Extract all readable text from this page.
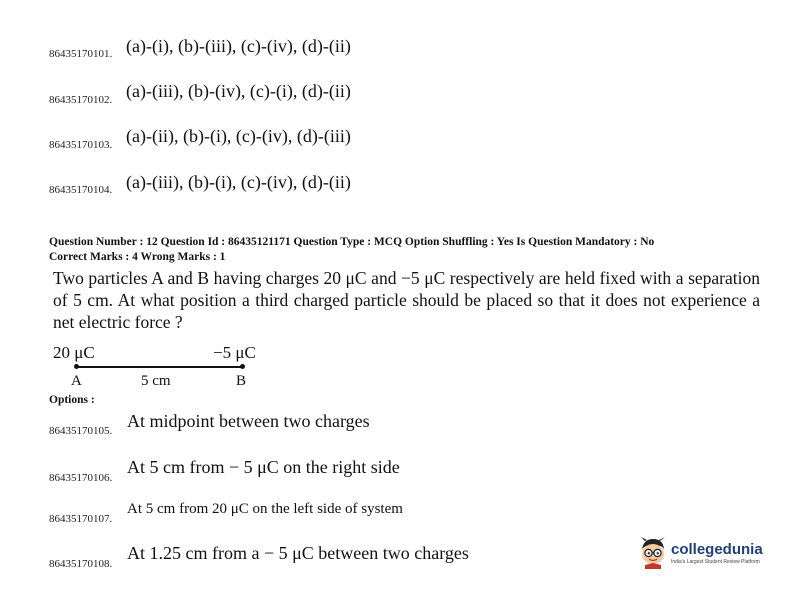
(a)-(i), (b)-(iii), (c)-(iv), (d)-(ii)
86435170101.
(a)-(iii), (b)-(iv), (c)-(i), (d)-(ii)
86435170102.
(a)-(ii), (b)-(i), (c)-(iv), (d)-(iii)
86435170103.
(a)-(iii), (b)-(i), (c)-(iv), (d)-(ii)
86435170104.
Question Number : 12 Question Id : 86435121171 Question Type : MCQ Option Shuffling : Yes Is Question Mandatory : No
Correct Marks : 4 Wrong Marks : 1
Two particles A and B having charges 20 μC and −5 μC respectively are held fixed with a separation of 5 cm. At what position a third charged particle should be placed so that it does not experience a net electric force ?
20 μC	−5 μC
A	5 cm	B
Options :
At midpoint between two charges
86435170105.
At 5 cm from − 5 μC on the right side
86435170106.
At 5 cm from 20 μC on the left side of system
86435170107.
At 1.25 cm from a − 5 μC between two charges
86435170108.
collegedunia
India's Largest Student Review Platform
